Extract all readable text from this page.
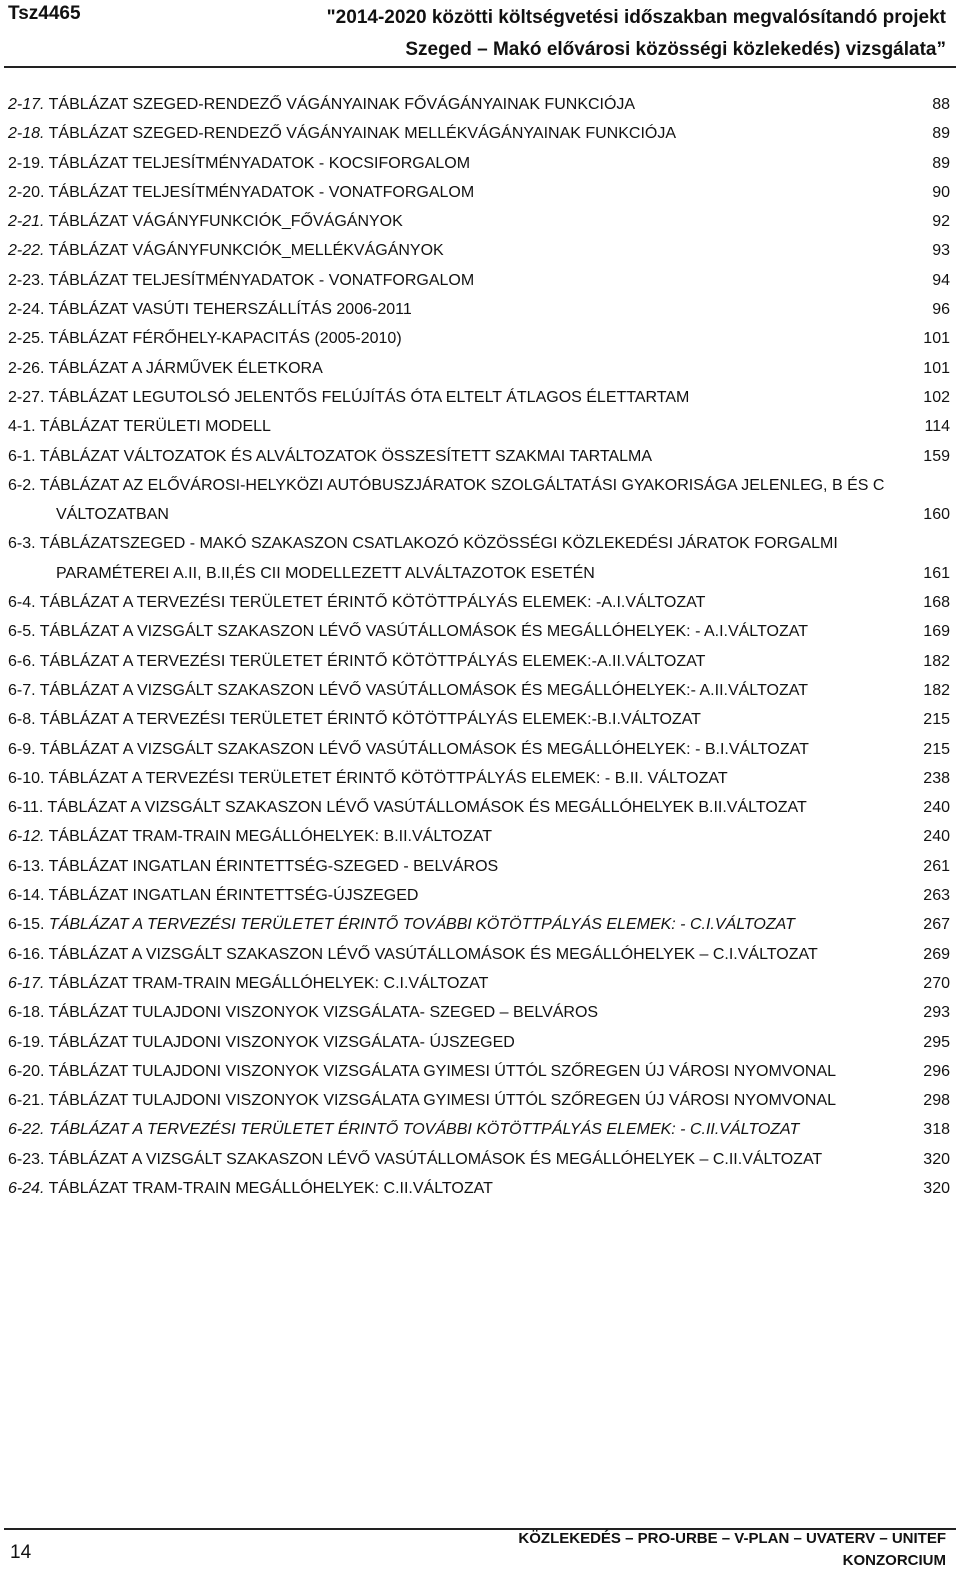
Tsz4465	"2014-2020 közötti költségvetési időszakban megvalósítandó projekt
Szeged – Makó elővárosi közösségi közlekedés) vizsgálata”
2-17. TÁBLÁZAT SZEGED-RENDEZŐ VÁGÁNYAINAK FŐVÁGÁNYAINAK FUNKCIÓJA	88
2-18. TÁBLÁZAT SZEGED-RENDEZŐ VÁGÁNYAINAK MELLÉKVÁGÁNYAINAK FUNKCIÓJA	89
2-19. TÁBLÁZAT TELJESÍTMÉNYADATOK - KOCSIFORGALOM	89
2-20. TÁBLÁZAT TELJESÍTMÉNYADATOK - VONATFORGALOM	90
2-21. TÁBLÁZAT VÁGÁNYFUNKCIÓK_FŐVÁGÁNYOK	92
2-22. TÁBLÁZAT VÁGÁNYFUNKCIÓK_MELLÉKVÁGÁNYOK	93
2-23. TÁBLÁZAT TELJESÍTMÉNYADATOK - VONATFORGALOM	94
2-24. TÁBLÁZAT VASÚTI TEHERSZÁLLÍTÁS 2006-2011	96
2-25. TÁBLÁZAT FÉRŐHELY-KAPACITÁS (2005-2010)	101
2-26. TÁBLÁZAT A JÁRMŰVEK ÉLETKORA	101
2-27. TÁBLÁZAT LEGUTOLSÓ JELENTŐS FELÚJÍTÁS ÓTA ELTELT ÁTLAGOS ÉLETTARTAM	102
4-1. TÁBLÁZAT TERÜLETI MODELL	114
6-1. TÁBLÁZAT VÁLTOZATOK ÉS ALVÁLTOZATOK ÖSSZESÍTETT SZAKMAI TARTALMA	159
6-2. TÁBLÁZAT AZ ELŐVÁROSI-HELYKÖZI AUTÓBUSZJÁRATOK SZOLGÁLTATÁSI GYAKORISÁGA JELENLEG, B ÉS C
VÁLTOZATBAN	160
6-3. TÁBLÁZATSZEGED - MAKÓ SZAKASZON CSATLAKOZÓ KÖZÖSSÉGI KÖZLEKEDÉSI JÁRATOK FORGALMI
PARAMÉTEREI A.II, B.II,ÉS CII MODELLEZETT ALVÁLTAZOTOK ESETÉN	161
6-4. TÁBLÁZAT A TERVEZÉSI TERÜLETET ÉRINTŐ KÖTÖTTPÁLYÁS ELEMEK: -A.I.VÁLTOZAT	168
6-5. TÁBLÁZAT A VIZSGÁLT SZAKASZON LÉVŐ VASÚTÁLLOMÁSOK ÉS MEGÁLLÓHELYEK: - A.I.VÁLTOZAT	169
6-6. TÁBLÁZAT A TERVEZÉSI TERÜLETET ÉRINTŐ KÖTÖTTPÁLYÁS ELEMEK:-A.II.VÁLTOZAT	182
6-7. TÁBLÁZAT A VIZSGÁLT SZAKASZON LÉVŐ VASÚTÁLLOMÁSOK ÉS MEGÁLLÓHELYEK:- A.II.VÁLTOZAT	182
6-8. TÁBLÁZAT A TERVEZÉSI TERÜLETET ÉRINTŐ KÖTÖTTPÁLYÁS ELEMEK:-B.I.VÁLTOZAT	215
6-9. TÁBLÁZAT A VIZSGÁLT SZAKASZON LÉVŐ VASÚTÁLLOMÁSOK ÉS MEGÁLLÓHELYEK: - B.I.VÁLTOZAT	215
6-10. TÁBLÁZAT A TERVEZÉSI TERÜLETET ÉRINTŐ KÖTÖTTPÁLYÁS ELEMEK: - B.II. VÁLTOZAT	238
6-11. TÁBLÁZAT A VIZSGÁLT SZAKASZON LÉVŐ VASÚTÁLLOMÁSOK ÉS MEGÁLLÓHELYEK B.II.VÁLTOZAT	240
6-12. TÁBLÁZAT TRAM-TRAIN MEGÁLLÓHELYEK: B.II.VÁLTOZAT	240
6-13. TÁBLÁZAT INGATLAN ÉRINTETTSÉG-SZEGED - BELVÁROS	261
6-14. TÁBLÁZAT INGATLAN ÉRINTETTSÉG-ÚJSZEGED	263
6-15. TÁBLÁZAT A TERVEZÉSI TERÜLETET ÉRINTŐ TOVÁBBI KÖTÖTTPÁLYÁS ELEMEK: - C.I.VÁLTOZAT	267
6-16. TÁBLÁZAT A VIZSGÁLT SZAKASZON LÉVŐ VASÚTÁLLOMÁSOK ÉS MEGÁLLÓHELYEK – C.I.VÁLTOZAT	269
6-17. TÁBLÁZAT TRAM-TRAIN MEGÁLLÓHELYEK: C.I.VÁLTOZAT	270
6-18. TÁBLÁZAT TULAJDONI VISZONYOK VIZSGÁLATA- SZEGED – BELVÁROS	293
6-19. TÁBLÁZAT TULAJDONI VISZONYOK VIZSGÁLATA- ÚJSZEGED	295
6-20. TÁBLÁZAT TULAJDONI VISZONYOK VIZSGÁLATA GYIMESI ÚTTÓL SZŐREGEN ÚJ VÁROSI NYOMVONAL	296
6-21. TÁBLÁZAT TULAJDONI VISZONYOK VIZSGÁLATA GYIMESI ÚTTÓL SZŐREGEN ÚJ VÁROSI NYOMVONAL	298
6-22. TÁBLÁZAT A TERVEZÉSI TERÜLETET ÉRINTŐ TOVÁBBI KÖTÖTTPÁLYÁS ELEMEK: - C.II.VÁLTOZAT	318
6-23. TÁBLÁZAT A VIZSGÁLT SZAKASZON LÉVŐ VASÚTÁLLOMÁSOK ÉS MEGÁLLÓHELYEK – C.II.VÁLTOZAT	320
6-24. TÁBLÁZAT TRAM-TRAIN MEGÁLLÓHELYEK: C.II.VÁLTOZAT	320
14
KÖZLEKEDÉS – PRO-URBE – V-PLAN – UVATERV – UNITEF
KONZORCIUM
